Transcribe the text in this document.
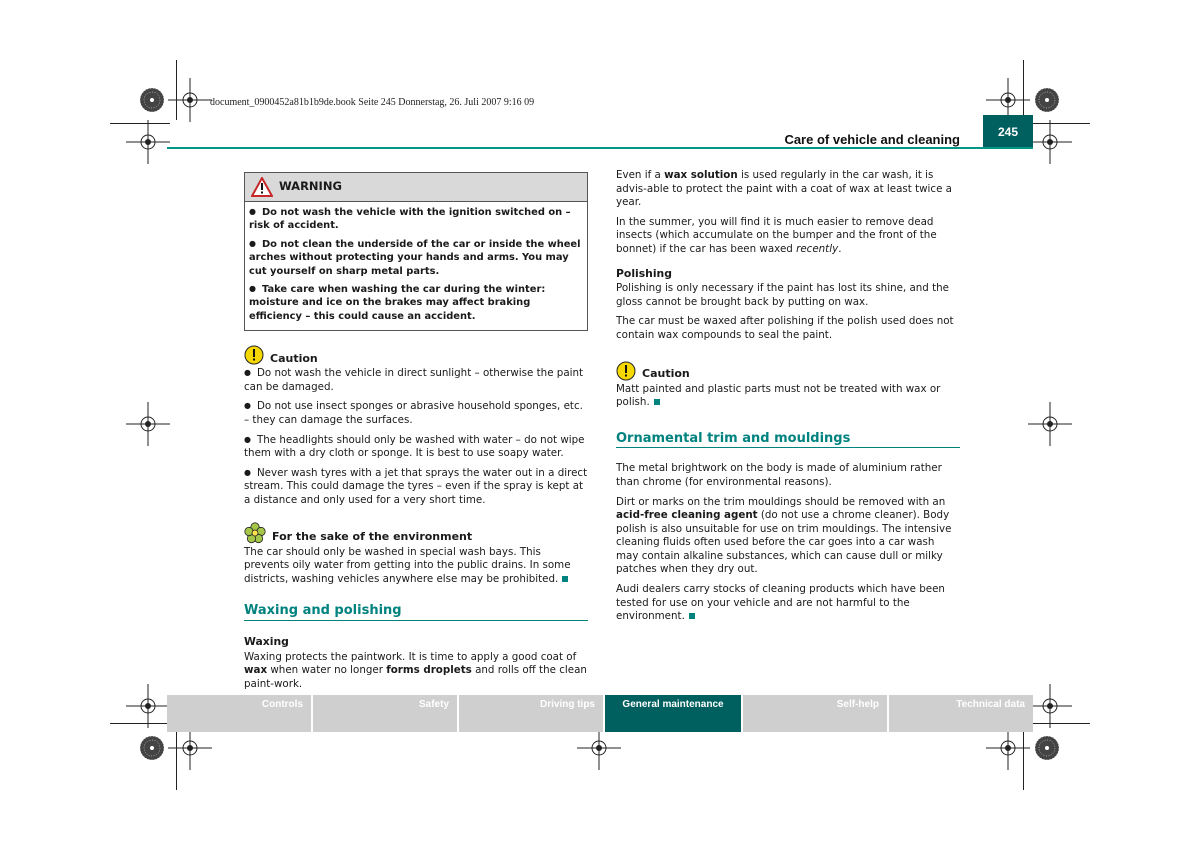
document_0900452a81b1b9de.book Seite 245 Donnerstag, 26. Juli 2007 9:16 09
Care of vehicle and cleaning	245
WARNING

● Do not wash the vehicle with the ignition switched on – risk of accident.

● Do not clean the underside of the car or inside the wheel arches without protecting your hands and arms. You may cut yourself on sharp metal parts.

● Take care when washing the car during the winter: moisture and ice on the brakes may affect braking efficiency – this could cause an accident.

Caution

● Do not wash the vehicle in direct sunlight – otherwise the paint can be damaged.

● Do not use insect sponges or abrasive household sponges, etc. – they can damage the surfaces.

● The headlights should only be washed with water – do not wipe them with a dry cloth or sponge. It is best to use soapy water.

● Never wash tyres with a jet that sprays the water out in a direct stream. This could damage the tyres – even if the spray is kept at a distance and only used for a very short time.

For the sake of the environment

The car should only be washed in special wash bays. This prevents oily water from getting into the public drains. In some districts, washing vehicles anywhere else may be prohibited.

Waxing and polishing
Waxing

Waxing protects the paintwork. It is time to apply a good coat of wax when water no longer forms droplets and rolls off the clean paint-work.

Even if a wax solution is used regularly in the car wash, it is advis-able to protect the paint with a coat of wax at least twice a year.

In the summer, you will find it is much easier to remove dead insects (which accumulate on the bumper and the front of the bonnet) if the car has been waxed recently.

Polishing

Polishing is only necessary if the paint has lost its shine, and the gloss cannot be brought back by putting on wax.

The car must be waxed after polishing if the polish used does not contain wax compounds to seal the paint.

Caution

Matt painted and plastic parts must not be treated with wax or polish.

Ornamental trim and mouldings

The metal brightwork on the body is made of aluminium rather than chrome (for environmental reasons).

Dirt or marks on the trim mouldings should be removed with an acid-free cleaning agent (do not use a chrome cleaner). Body polish is also unsuitable for use on trim mouldings. The intensive cleaning fluids often used before the car goes into a car wash may contain alkaline substances, which can cause dull or milky patches when they dry out.

Audi dealers carry stocks of cleaning products which have been tested for use on your vehicle and are not harmful to the environment.

Controls	Safety	Driving tips	General maintenance	Self-help	Technical data
